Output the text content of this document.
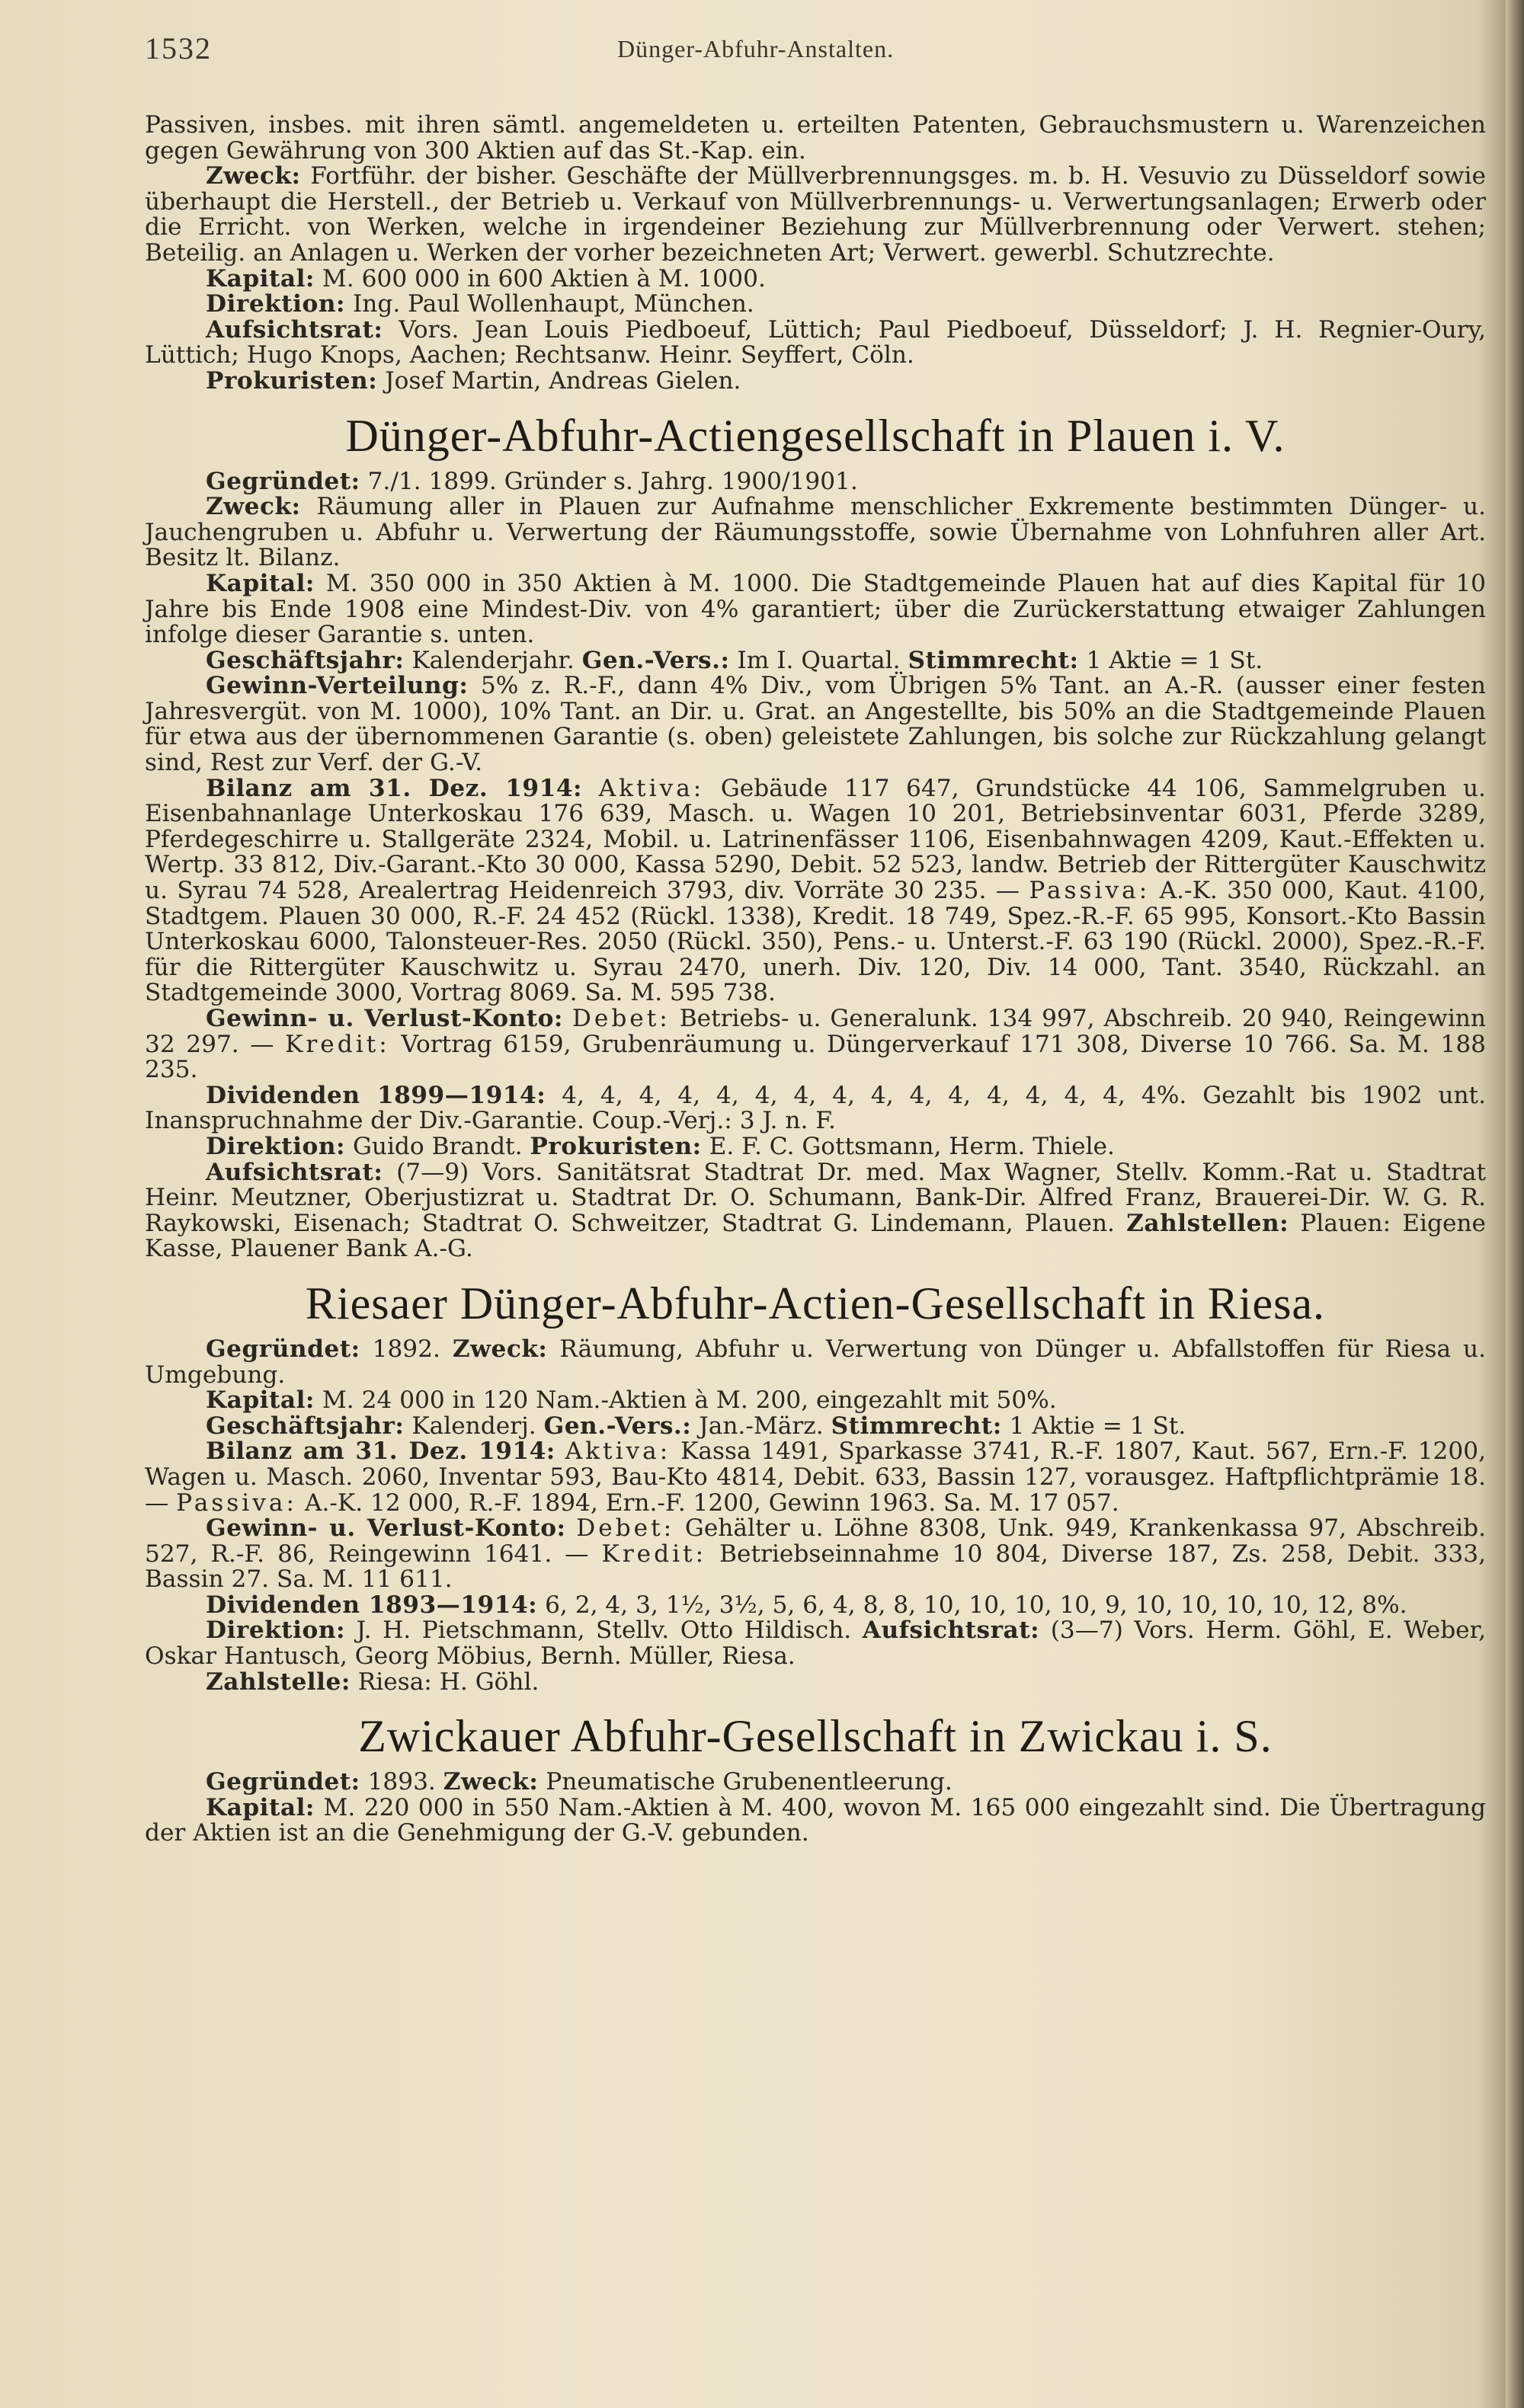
1532	Dünger-Abfuhr-Anstalten.

Passiven, insbes. mit ihren sämtl. angemeldeten u. erteilten Patenten, Gebrauchsmustern u. Warenzeichen gegen Gewährung von 300 Aktien auf das St.-Kap. ein.

Zweck: Fortführ. der bisher. Geschäfte der Müllverbrennungsges. m. b. H. Vesuvio zu Düsseldorf sowie überhaupt die Herstell., der Betrieb u. Verkauf von Müllverbrennungs- u. Verwertungsanlagen; Erwerb oder die Erricht. von Werken, welche in irgendeiner Beziehung zur Müllverbrennung oder Verwert. stehen; Beteilig. an Anlagen u. Werken der vorher bezeichneten Art; Verwert. gewerbl. Schutzrechte.

Kapital: M. 600 000 in 600 Aktien à M. 1000.

Direktion: Ing. Paul Wollenhaupt, München.

Aufsichtsrat: Vors. Jean Louis Piedboeuf, Lüttich; Paul Piedboeuf, Düsseldorf; J. H. Regnier-Oury, Lüttich; Hugo Knops, Aachen; Rechtsanw. Heinr. Seyffert, Cöln.

Prokuristen: Josef Martin, Andreas Gielen.

Dünger-Abfuhr-Actiengesellschaft in Plauen i. V.

Gegründet: 7./1. 1899. Gründer s. Jahrg. 1900/1901.

Zweck: Räumung aller in Plauen zur Aufnahme menschlicher Exkremente bestimmten Dünger- u. Jauchengruben u. Abfuhr u. Verwertung der Räumungsstoffe, sowie Übernahme von Lohnfuhren aller Art. Besitz lt. Bilanz.

Kapital: M. 350 000 in 350 Aktien à M. 1000. Die Stadtgemeinde Plauen hat auf dies Kapital für 10 Jahre bis Ende 1908 eine Mindest-Div. von 4% garantiert; über die Zurückerstattung etwaiger Zahlungen infolge dieser Garantie s. unten.

Geschäftsjahr: Kalenderjahr. Gen.-Vers.: Im I. Quartal. Stimmrecht: 1 Aktie = 1 St.

Gewinn-Verteilung: 5% z. R.-F., dann 4% Div., vom Übrigen 5% Tant. an A.-R. (ausser einer festen Jahresvergüt. von M. 1000), 10% Tant. an Dir. u. Grat. an Angestellte, bis 50% an die Stadtgemeinde Plauen für etwa aus der übernommenen Garantie (s. oben) geleistete Zahlungen, bis solche zur Rückzahlung gelangt sind, Rest zur Verf. der G.-V.

Bilanz am 31. Dez. 1914: Aktiva: Gebäude 117 647, Grundstücke 44 106, Sammelgruben u. Eisenbahnanlage Unterkoskau 176 639, Masch. u. Wagen 10 201, Betriebsinventar 6031, Pferde 3289, Pferdegeschirre u. Stallgeräte 2324, Mobil. u. Latrinenfässer 1106, Eisenbahnwagen 4209, Kaut.-Effekten u. Wertp. 33 812, Div.-Garant.-Kto 30 000, Kassa 5290, Debit. 52 523, landw. Betrieb der Rittergüter Kauschwitz u. Syrau 74 528, Arealertrag Heidenreich 3793, div. Vorräte 30 235. — Passiva: A.-K. 350 000, Kaut. 4100, Stadtgem. Plauen 30 000, R.-F. 24 452 (Rückl. 1338), Kredit. 18 749, Spez.-R.-F. 65 995, Konsort.-Kto Bassin Unterkoskau 6000, Talonsteuer-Res. 2050 (Rückl. 350), Pens.- u. Unterst.-F. 63 190 (Rückl. 2000), Spez.-R.-F. für die Rittergüter Kauschwitz u. Syrau 2470, unerh. Div. 120, Div. 14 000, Tant. 3540, Rückzahl. an Stadtgemeinde 3000, Vortrag 8069. Sa. M. 595 738.

Gewinn- u. Verlust-Konto: Debet: Betriebs- u. Generalunk. 134 997, Abschreib. 20 940, Reingewinn 32 297. — Kredit: Vortrag 6159, Grubenräumung u. Düngerverkauf 171 308, Diverse 10 766. Sa. M. 188 235.

Dividenden 1899—1914: 4, 4, 4, 4, 4, 4, 4, 4, 4, 4, 4, 4, 4, 4, 4, 4%. Gezahlt bis 1902 unt. Inanspruchnahme der Div.-Garantie. Coup.-Verj.: 3 J. n. F.

Direktion: Guido Brandt. Prokuristen: E. F. C. Gottsmann, Herm. Thiele.

Aufsichtsrat: (7—9) Vors. Sanitätsrat Stadtrat Dr. med. Max Wagner, Stellv. Komm.-Rat u. Stadtrat Heinr. Meutzner, Oberjustizrat u. Stadtrat Dr. O. Schumann, Bank-Dir. Alfred Franz, Brauerei-Dir. W. G. R. Raykowski, Eisenach; Stadtrat O. Schweitzer, Stadtrat G. Lindemann, Plauen. Zahlstellen: Plauen: Eigene Kasse, Plauener Bank A.-G.

Riesaer Dünger-Abfuhr-Actien-Gesellschaft in Riesa.

Gegründet: 1892. Zweck: Räumung, Abfuhr u. Verwertung von Dünger u. Abfallstoffen für Riesa u. Umgebung.

Kapital: M. 24 000 in 120 Nam.-Aktien à M. 200, eingezahlt mit 50%.

Geschäftsjahr: Kalenderj. Gen.-Vers.: Jan.-März. Stimmrecht: 1 Aktie = 1 St.

Bilanz am 31. Dez. 1914: Aktiva: Kassa 1491, Sparkasse 3741, R.-F. 1807, Kaut. 567, Ern.-F. 1200, Wagen u. Masch. 2060, Inventar 593, Bau-Kto 4814, Debit. 633, Bassin 127, vorausgez. Haftpflichtprämie 18. — Passiva: A.-K. 12 000, R.-F. 1894, Ern.-F. 1200, Gewinn 1963. Sa. M. 17 057.

Gewinn- u. Verlust-Konto: Debet: Gehälter u. Löhne 8308, Unk. 949, Krankenkassa 97, Abschreib. 527, R.-F. 86, Reingewinn 1641. — Kredit: Betriebseinnahme 10 804, Diverse 187, Zs. 258, Debit. 333, Bassin 27. Sa. M. 11 611.

Dividenden 1893—1914: 6, 2, 4, 3, 1½, 3½, 5, 6, 4, 8, 8, 10, 10, 10, 10, 9, 10, 10, 10, 10, 12, 8%.

Direktion: J. H. Pietschmann, Stellv. Otto Hildisch. Aufsichtsrat: (3—7) Vors. Herm. Göhl, E. Weber, Oskar Hantusch, Georg Möbius, Bernh. Müller, Riesa.

Zahlstelle: Riesa: H. Göhl.

Zwickauer Abfuhr-Gesellschaft in Zwickau i. S.

Gegründet: 1893. Zweck: Pneumatische Grubenentleerung.

Kapital: M. 220 000 in 550 Nam.-Aktien à M. 400, wovon M. 165 000 eingezahlt sind. Die Übertragung der Aktien ist an die Genehmigung der G.-V. gebunden.
